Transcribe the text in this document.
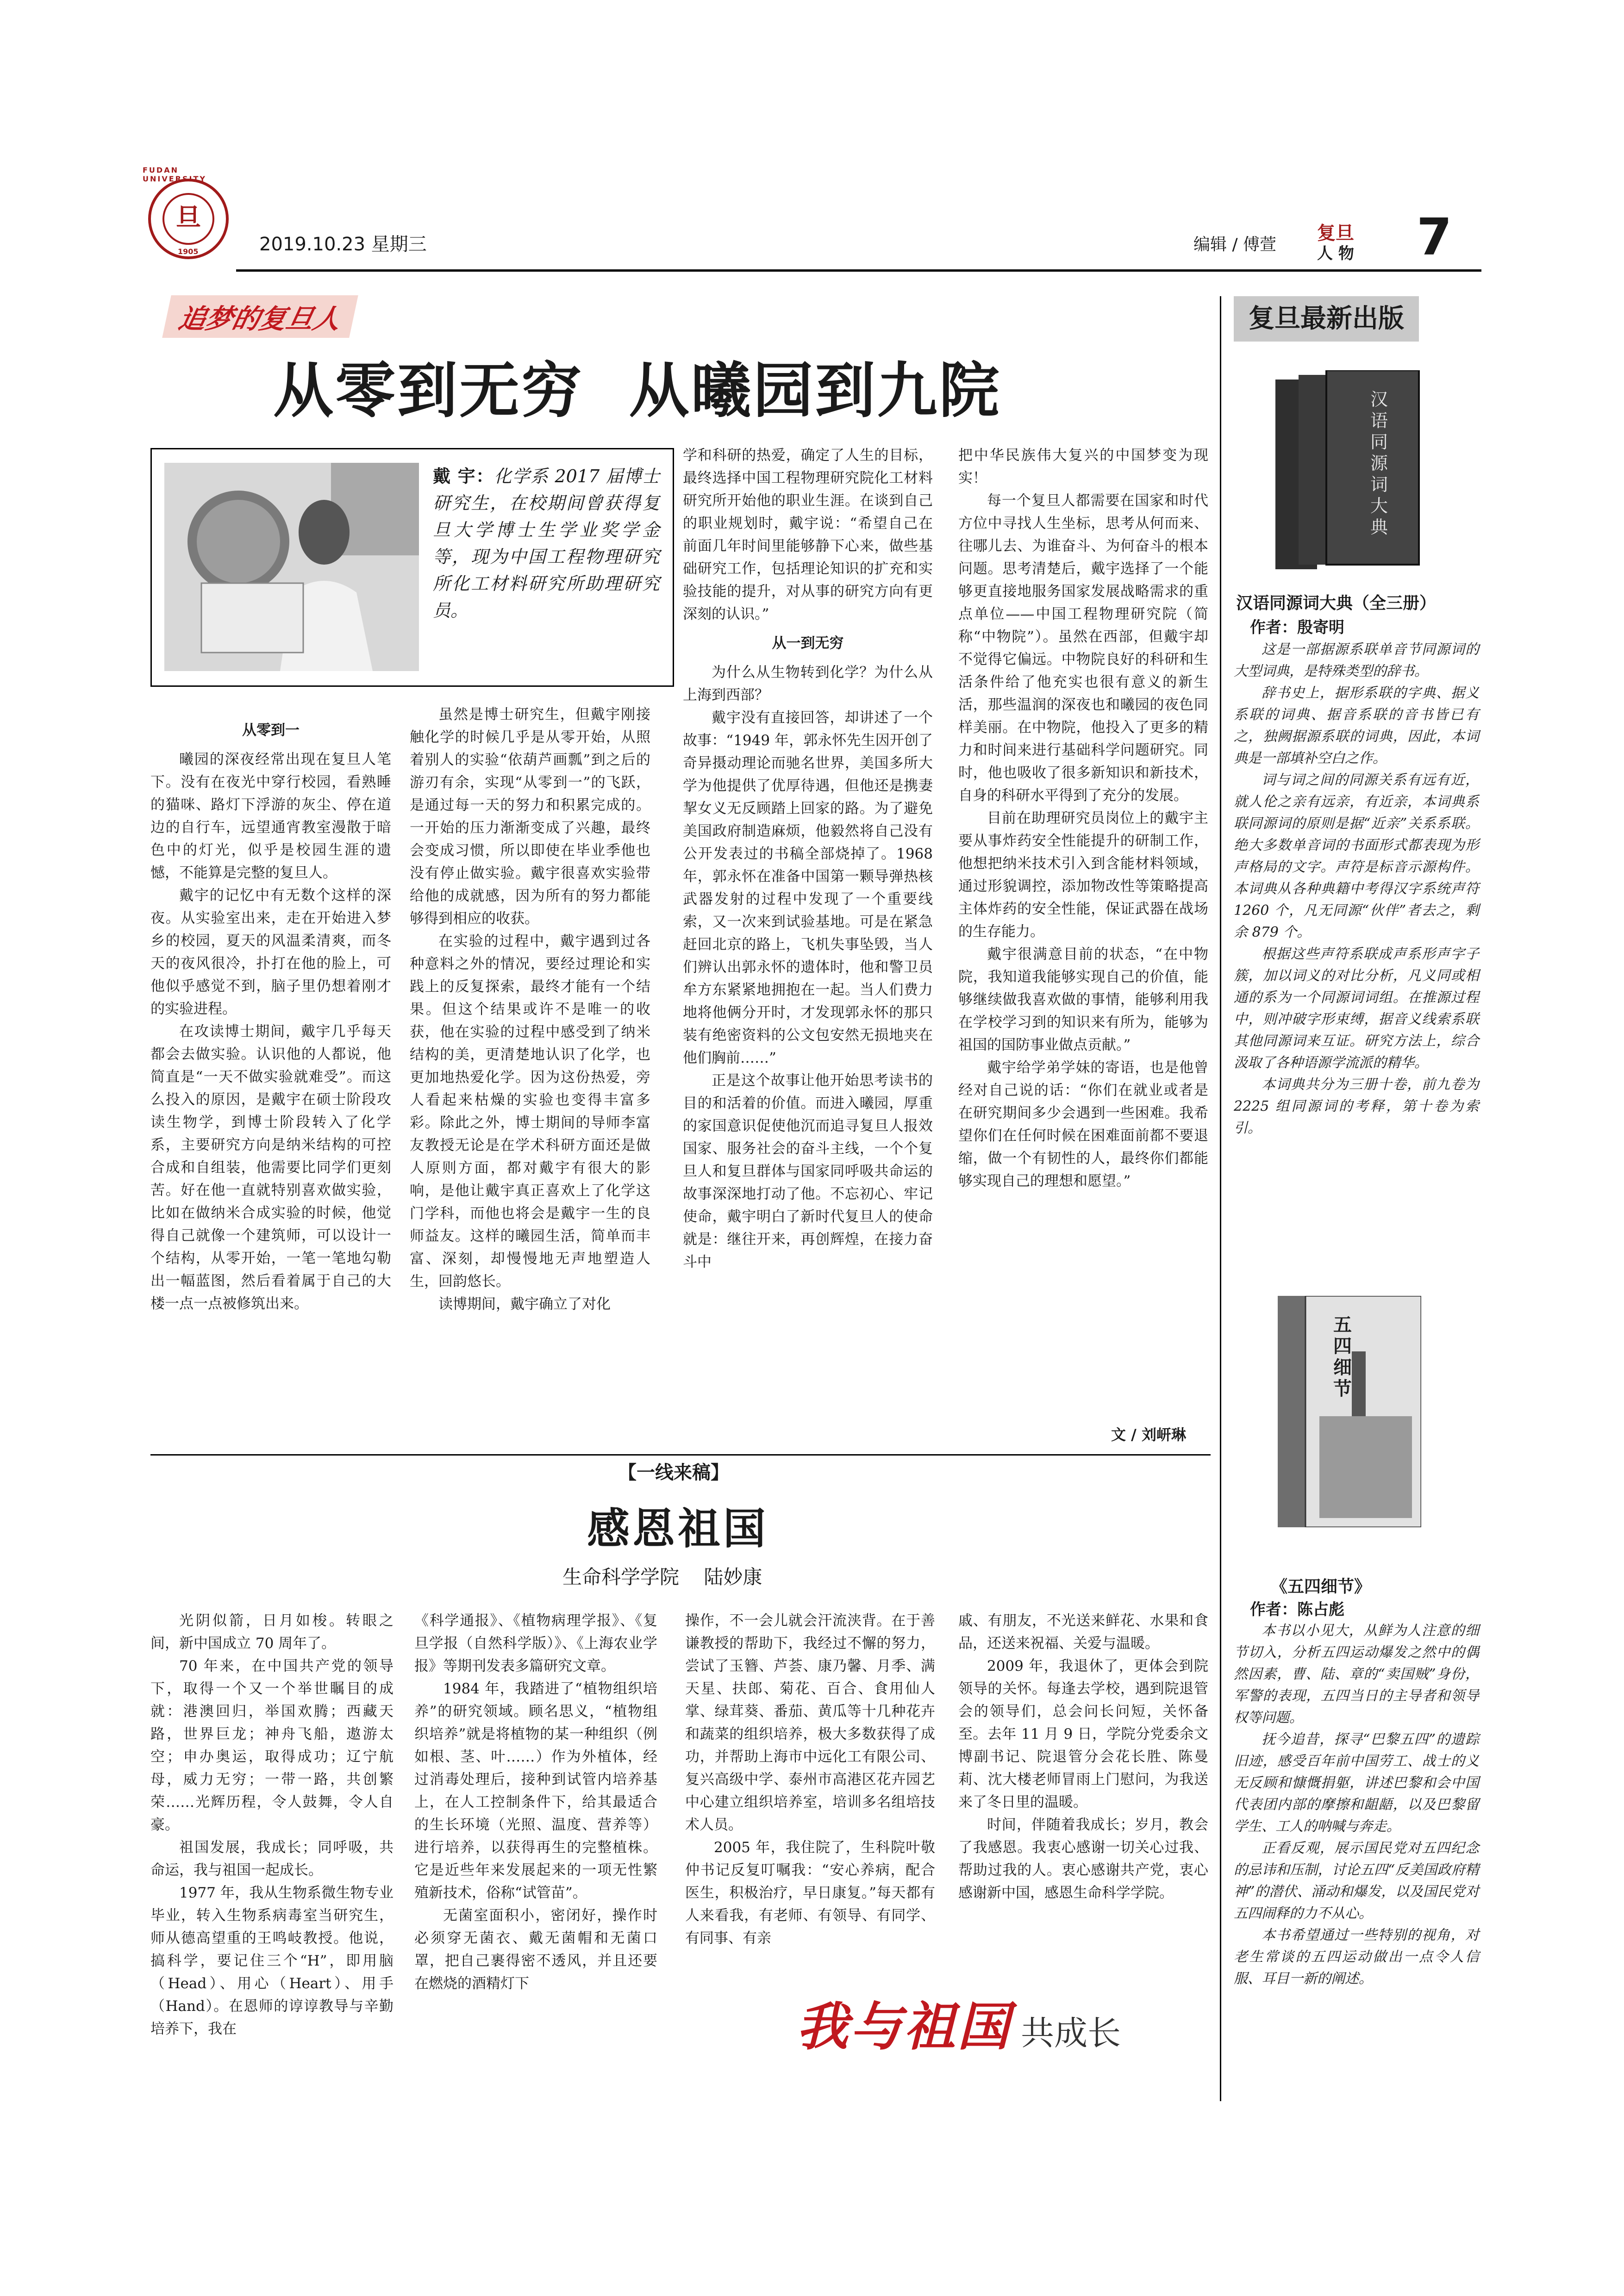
旦
FUDAN UNIVERSITY
1905	2019.10.23 星期三	编辑 / 傅萱
复旦
人 物 7
追梦的复旦人
从零到无穷  从曦园到九院
戴 宇：化学系 2017 届博士研究生，在校期间曾获得复旦大学博士生学业奖学金等，现为中国工程物理研究所化工材料研究所助理研究员。

从零到一

曦园的深夜经常出现在复旦人笔下。没有在夜光中穿行校园，看熟睡的猫咪、路灯下浮游的灰尘、停在道边的自行车，远望通宵教室漫散于暗色中的灯光，似乎是校园生涯的遗憾，不能算是完整的复旦人。

戴宇的记忆中有无数个这样的深夜。从实验室出来，走在开始进入梦乡的校园，夏天的风温柔清爽，而冬天的夜风很冷，扑打在他的脸上，可他似乎感觉不到，脑子里仍想着刚才的实验进程。

在攻读博士期间，戴宇几乎每天都会去做实验。认识他的人都说，他简直是“一天不做实验就难受”。而这么投入的原因，是戴宇在硕士阶段攻读生物学，到博士阶段转入了化学系，主要研究方向是纳米结构的可控合成和自组装，他需要比同学们更刻苦。好在他一直就特别喜欢做实验，比如在做纳米合成实验的时候，他觉得自己就像一个建筑师，可以设计一个结构，从零开始，一笔一笔地勾勒出一幅蓝图，然后看着属于自己的大楼一点一点被修筑出来。

虽然是博士研究生，但戴宇刚接触化学的时候几乎是从零开始，从照着别人的实验“依葫芦画瓢”到之后的游刃有余，实现“从零到一”的飞跃，是通过每一天的努力和积累完成的。一开始的压力渐渐变成了兴趣，最终会变成习惯，所以即使在毕业季他也没有停止做实验。戴宇很喜欢实验带给他的成就感，因为所有的努力都能够得到相应的收获。

在实验的过程中，戴宇遇到过各种意料之外的情况，要经过理论和实践上的反复探索，最终才能有一个结果。但这个结果或许不是唯一的收获，他在实验的过程中感受到了纳米结构的美，更清楚地认识了化学，也更加地热爱化学。因为这份热爱，旁人看起来枯燥的实验也变得丰富多彩。除此之外，博士期间的导师李富友教授无论是在学术科研方面还是做人原则方面，都对戴宇有很大的影响，是他让戴宇真正喜欢上了化学这门学科，而他也将会是戴宇一生的良师益友。这样的曦园生活，简单而丰富、深刻，却慢慢地无声地塑造人生，回韵悠长。

读博期间，戴宇确立了对化

学和科研的热爱，确定了人生的目标，最终选择中国工程物理研究院化工材料研究所开始他的职业生涯。在谈到自己的职业规划时，戴宇说：“希望自己在前面几年时间里能够静下心来，做些基础研究工作，包括理论知识的扩充和实验技能的提升，对从事的研究方向有更深刻的认识。”

从一到无穷

为什么从生物转到化学？为什么从上海到西部？

戴宇没有直接回答，却讲述了一个故事：“1949 年，郭永怀先生因开创了奇异摄动理论而驰名世界，美国多所大学为他提供了优厚待遇，但他还是携妻挈女义无反顾踏上回家的路。为了避免美国政府制造麻烦，他毅然将自己没有公开发表过的书稿全部烧掉了。1968 年，郭永怀在准备中国第一颗导弹热核武器发射的过程中发现了一个重要线索，又一次来到试验基地。可是在紧急赶回北京的路上，飞机失事坠毁，当人们辨认出郭永怀的遗体时，他和警卫员牟方东紧紧地拥抱在一起。当人们费力地将他俩分开时，才发现郭永怀的那只装有绝密资料的公文包安然无损地夹在他们胸前……”

正是这个故事让他开始思考读书的目的和活着的价值。而进入曦园，厚重的家国意识促使他沉而追寻复旦人报效国家、服务社会的奋斗主线，一个个复旦人和复旦群体与国家同呼吸共命运的故事深深地打动了他。不忘初心、牢记使命，戴宇明白了新时代复旦人的使命就是：继往开来，再创辉煌，在接力奋斗中

把中华民族伟大复兴的中国梦变为现实！

每一个复旦人都需要在国家和时代方位中寻找人生坐标，思考从何而来、往哪儿去、为谁奋斗、为何奋斗的根本问题。思考清楚后，戴宇选择了一个能够更直接地服务国家发展战略需求的重点单位——中国工程物理研究院（简称“中物院”）。虽然在西部，但戴宇却不觉得它偏远。中物院良好的科研和生活条件给了他充实也很有意义的新生活，那些温润的深夜也和曦园的夜色同样美丽。在中物院，他投入了更多的精力和时间来进行基础科学问题研究。同时，他也吸收了很多新知识和新技术，自身的科研水平得到了充分的发展。

目前在助理研究员岗位上的戴宇主要从事炸药安全性能提升的研制工作，他想把纳米技术引入到含能材料领域，通过形貌调控，添加物改性等策略提高主体炸药的安全性能，保证武器在战场的生存能力。

戴宇很满意目前的状态，“在中物院，我知道我能够实现自己的价值，能够继续做我喜欢做的事情，能够利用我在学校学习到的知识来有所为，能够为祖国的国防事业做点贡献。”

戴宇给学弟学妹的寄语，也是他曾经对自己说的话：“你们在就业或者是在研究期间多少会遇到一些困难。我希望你们在任何时候在困难面前都不要退缩，做一个有韧性的人，最终你们都能够实现自己的理想和愿望。”

文 / 刘岍琳
【一线来稿】
感恩祖国
生命科学学院    陆妙康

光阴似箭，日月如梭。转眼之间，新中国成立 70 周年了。

70 年来，在中国共产党的领导下，取得一个又一个举世瞩目的成就：港澳回归，举国欢腾；西藏天路，世界巨龙；神舟飞船，遨游太空；申办奥运，取得成功；辽宁航母，威力无穷；一带一路，共创繁荣……光辉历程，令人鼓舞，令人自豪。

祖国发展，我成长；同呼吸，共命运，我与祖国一起成长。

1977 年，我从生物系微生物专业毕业，转入生物系病毒室当研究生，师从德高望重的王鸣岐教授。他说，搞科学，要记住三个“H”，即用脑（Head）、用心（Heart）、用手（Hand）。在恩师的谆谆教导与辛勤培养下，我在

《科学通报》、《植物病理学报》、《复旦学报（自然科学版）》、《上海农业学报》等期刊发表多篇研究文章。

1984 年，我踏进了“植物组织培养”的研究领域。顾名思义，“植物组织培养”就是将植物的某一种组织（例如根、茎、叶……）作为外植体，经过消毒处理后，接种到试管内培养基上，在人工控制条件下，给其最适合的生长环境（光照、温度、营养等）进行培养，以获得再生的完整植株。它是近些年来发展起来的一项无性繁殖新技术，俗称“试管苗”。

无菌室面积小，密闭好，操作时必须穿无菌衣、戴无菌帽和无菌口罩，把自己裹得密不透风，并且还要在燃烧的酒精灯下

操作，不一会儿就会汗流浃背。在于善谦教授的帮助下，我经过不懈的努力，尝试了玉簪、芦荟、康乃馨、月季、满天星、扶郎、菊花、百合、食用仙人掌、绿茸葵、番茄、黄瓜等十几种花卉和蔬菜的组织培养，极大多数获得了成功，并帮助上海市中远化工有限公司、复兴高级中学、泰州市高港区花卉园艺中心建立组织培养室，培训多名组培技术人员。

2005 年，我住院了，生科院叶敬仲书记反复叮嘱我：“安心养病，配合医生，积极治疗，早日康复。”每天都有人来看我，有老师、有领导、有同学、有同事、有亲

戚、有朋友，不光送来鲜花、水果和食品，还送来祝福、关爱与温暖。

2009 年，我退休了，更体会到院领导的关怀。每逢去学校，遇到院退管会的领导们，总会问长问短，关怀备至。去年 11 月 9 日，学院分党委余文博副书记、院退管分会花长胜、陈曼莉、沈大楼老师冒雨上门慰问，为我送来了冬日里的温暖。

时间，伴随着我成长；岁月，教会了我感恩。我衷心感谢一切关心过我、帮助过我的人。衷心感谢共产党，衷心感谢新中国，感恩生命科学学院。

我与祖国 共成长
复旦最新出版
汉语同源词大典
汉语同源词大典（全三册）
作者：殷寄明

这是一部据源系联单音节同源词的大型词典，是特殊类型的辞书。

辞书史上，据形系联的字典、据义系联的词典、据音系联的音书皆已有之，独阙据源系联的词典，因此，本词典是一部填补空白之作。

词与词之间的同源关系有远有近，就人伦之亲有远亲，有近亲，本词典系联同源词的原则是据“近亲”关系系联。绝大多数单音词的书面形式都表现为形声格局的文字。声符是标音示源构件。本词典从各种典籍中考得汉字系统声符 1260 个，凡无同源“伙伴”者去之，剩余 879 个。

根据这些声符系联成声系形声字子簇，加以词义的对比分析，凡义同或相通的系为一个同源词词组。在推源过程中，则冲破字形束缚，据音义线索系联其他同源词来互证。研究方法上，综合汲取了各种语源学流派的精华。

本词典共分为三册十卷，前九卷为 2225 组同源词的考释，第十卷为索引。

五四细节
《五四细节》
作者：陈占彪

本书以小见大，从鲜为人注意的细节切入，分析五四运动爆发之然中的偶然因素，曹、陆、章的“卖国贼”身份，军警的表现，五四当日的主导者和领导权等问题。

抚今追昔，探寻“巴黎五四”的遗踪旧迹，感受百年前中国劳工、战士的义无反顾和慷慨捐躯，讲述巴黎和会中国代表团内部的摩擦和龃龉，以及巴黎留学生、工人的呐喊与奔走。

正看反观，展示国民党对五四纪念的忌讳和压制，讨论五四“反美国政府精神”的潜伏、涌动和爆发，以及国民党对五四闹释的力不从心。

本书希望通过一些特别的视角，对老生常谈的五四运动做出一点令人信服、耳目一新的阐述。
